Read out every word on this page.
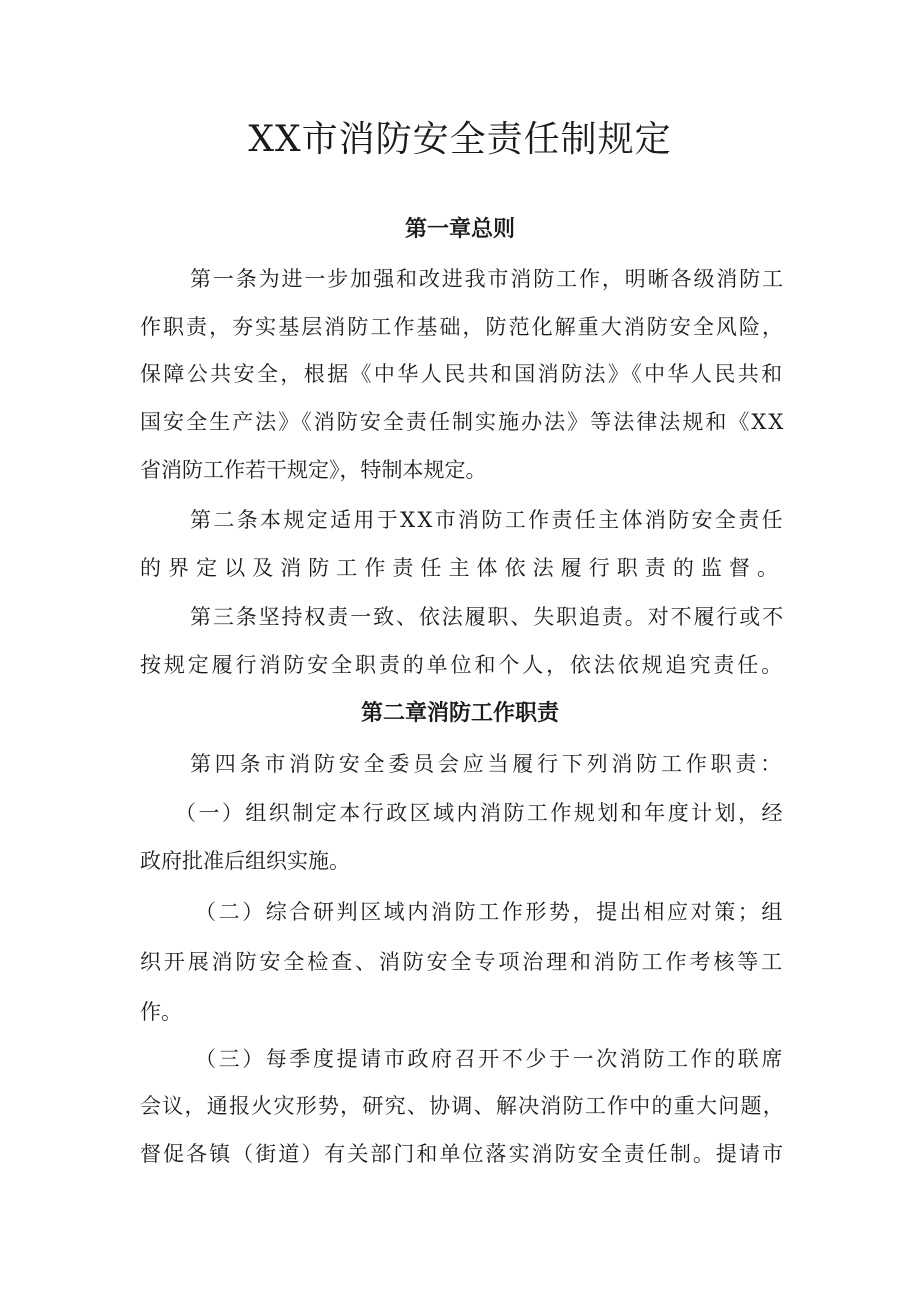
XX市消防安全责任制规定
第一章总则
第一条为进一步加强和改进我市消防工作，明晰各级消防工
作职责，夯实基层消防工作基础，防范化解重大消防安全风险，
保障公共安全，根据《中华人民共和国消防法》《中华人民共和
国安全生产法》《消防安全责任制实施办法》等法律法规和《XX
省消防工作若干规定》，特制本规定。
第二条本规定适用于XX市消防工作责任主体消防安全责任
的界定以及消防工作责任主体依法履行职责的监督。
第三条坚持权责一致、依法履职、失职追责。对不履行或不
按规定履行消防安全职责的单位和个人，依法依规追究责任。
第二章消防工作职责
第四条市消防安全委员会应当履行下列消防工作职责：
（一）组织制定本行政区域内消防工作规划和年度计划，经
政府批准后组织实施。
（二）综合研判区域内消防工作形势，提出相应对策；组
织开展消防安全检查、消防安全专项治理和消防工作考核等工
作。
（三）每季度提请市政府召开不少于一次消防工作的联席
会议，通报火灾形势，研究、协调、解决消防工作中的重大问题，
督促各镇（街道）有关部门和单位落实消防安全责任制。提请市
